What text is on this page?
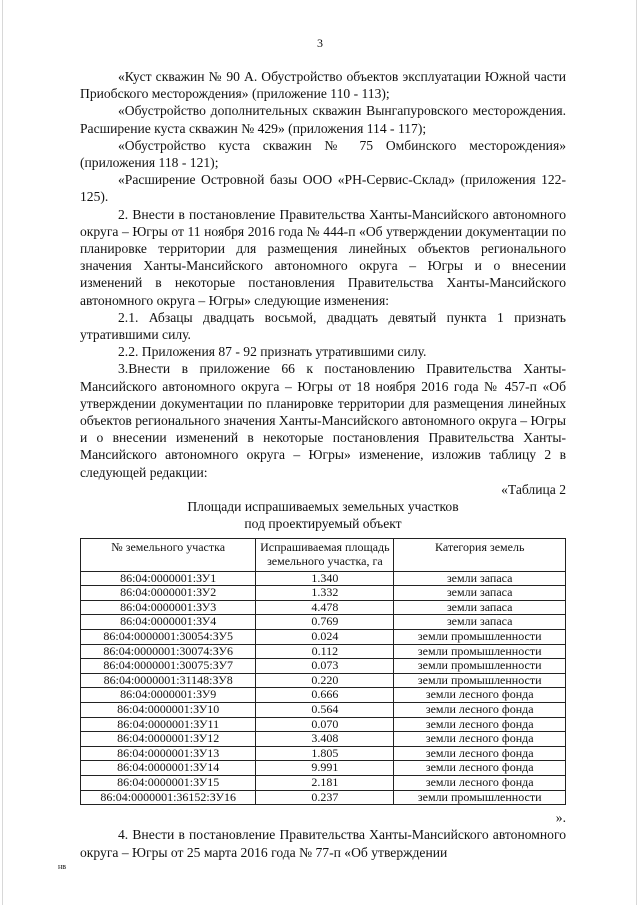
3

«Куст скважин № 90 А. Обустройство объектов эксплуатации Южной части Приобского месторождения» (приложение 110 - 113);

«Обустройство дополнительных скважин Вынгапуровского месторождения. Расширение куста скважин № 429» (приложения 114 - 117);

«Обустройство куста скважин № 75 Омбинского месторождения» (приложения 118 - 121);

«Расширение Островной базы ООО «РН-Сервис-Склад» (приложения 122-125).

2. Внести в постановление Правительства Ханты-Мансийского автономного округа – Югры от 11 ноября 2016 года № 444-п «Об утверждении документации по планировке территории для размещения линейных объектов регионального значения Ханты-Мансийского автономного округа – Югры и о внесении изменений в некоторые постановления Правительства Ханты-Мансийского автономного округа – Югры» следующие изменения:

2.1. Абзацы двадцать восьмой, двадцать девятый пункта 1 признать утратившими силу.

2.2. Приложения 87 - 92 признать утратившими силу.

3.Внести в приложение 66 к постановлению Правительства Ханты-Мансийского автономного округа – Югры от 18 ноября 2016 года № 457-п «Об утверждении документации по планировке территории для размещения линейных объектов регионального значения Ханты-Мансийского автономного округа – Югры и о внесении изменений в некоторые постановления Правительства Ханты-Мансийского автономного округа – Югры» изменение, изложив таблицу 2 в следующей редакции:

«Таблица 2

Площади испрашиваемых земельных участков

под проектируемый объект

№ земельного участка	Испрашиваемая площадь земельного участка, га	Категория земель
86:04:0000001:ЗУ1	1.340	земли запаса
86:04:0000001:ЗУ2	1.332	земли запаса
86:04:0000001:ЗУ3	4.478	земли запаса
86:04:0000001:ЗУ4	0.769	земли запаса
86:04:0000001:30054:ЗУ5	0.024	земли промышленности
86:04:0000001:30074:ЗУ6	0.112	земли промышленности
86:04:0000001:30075:ЗУ7	0.073	земли промышленности
86:04:0000001:31148:ЗУ8	0.220	земли промышленности
86:04:0000001:ЗУ9	0.666	земли лесного фонда
86:04:0000001:ЗУ10	0.564	земли лесного фонда
86:04:0000001:ЗУ11	0.070	земли лесного фонда
86:04:0000001:ЗУ12	3.408	земли лесного фонда
86:04:0000001:ЗУ13	1.805	земли лесного фонда
86:04:0000001:ЗУ14	9.991	земли лесного фонда
86:04:0000001:ЗУ15	2.181	земли лесного фонда
86:04:0000001:36152:ЗУ16	0.237	земли промышленности

».

4. Внести в постановление Правительства Ханты-Мансийского автономного округа – Югры от 25 марта 2016 года № 77-п «Об утверждении

нв
